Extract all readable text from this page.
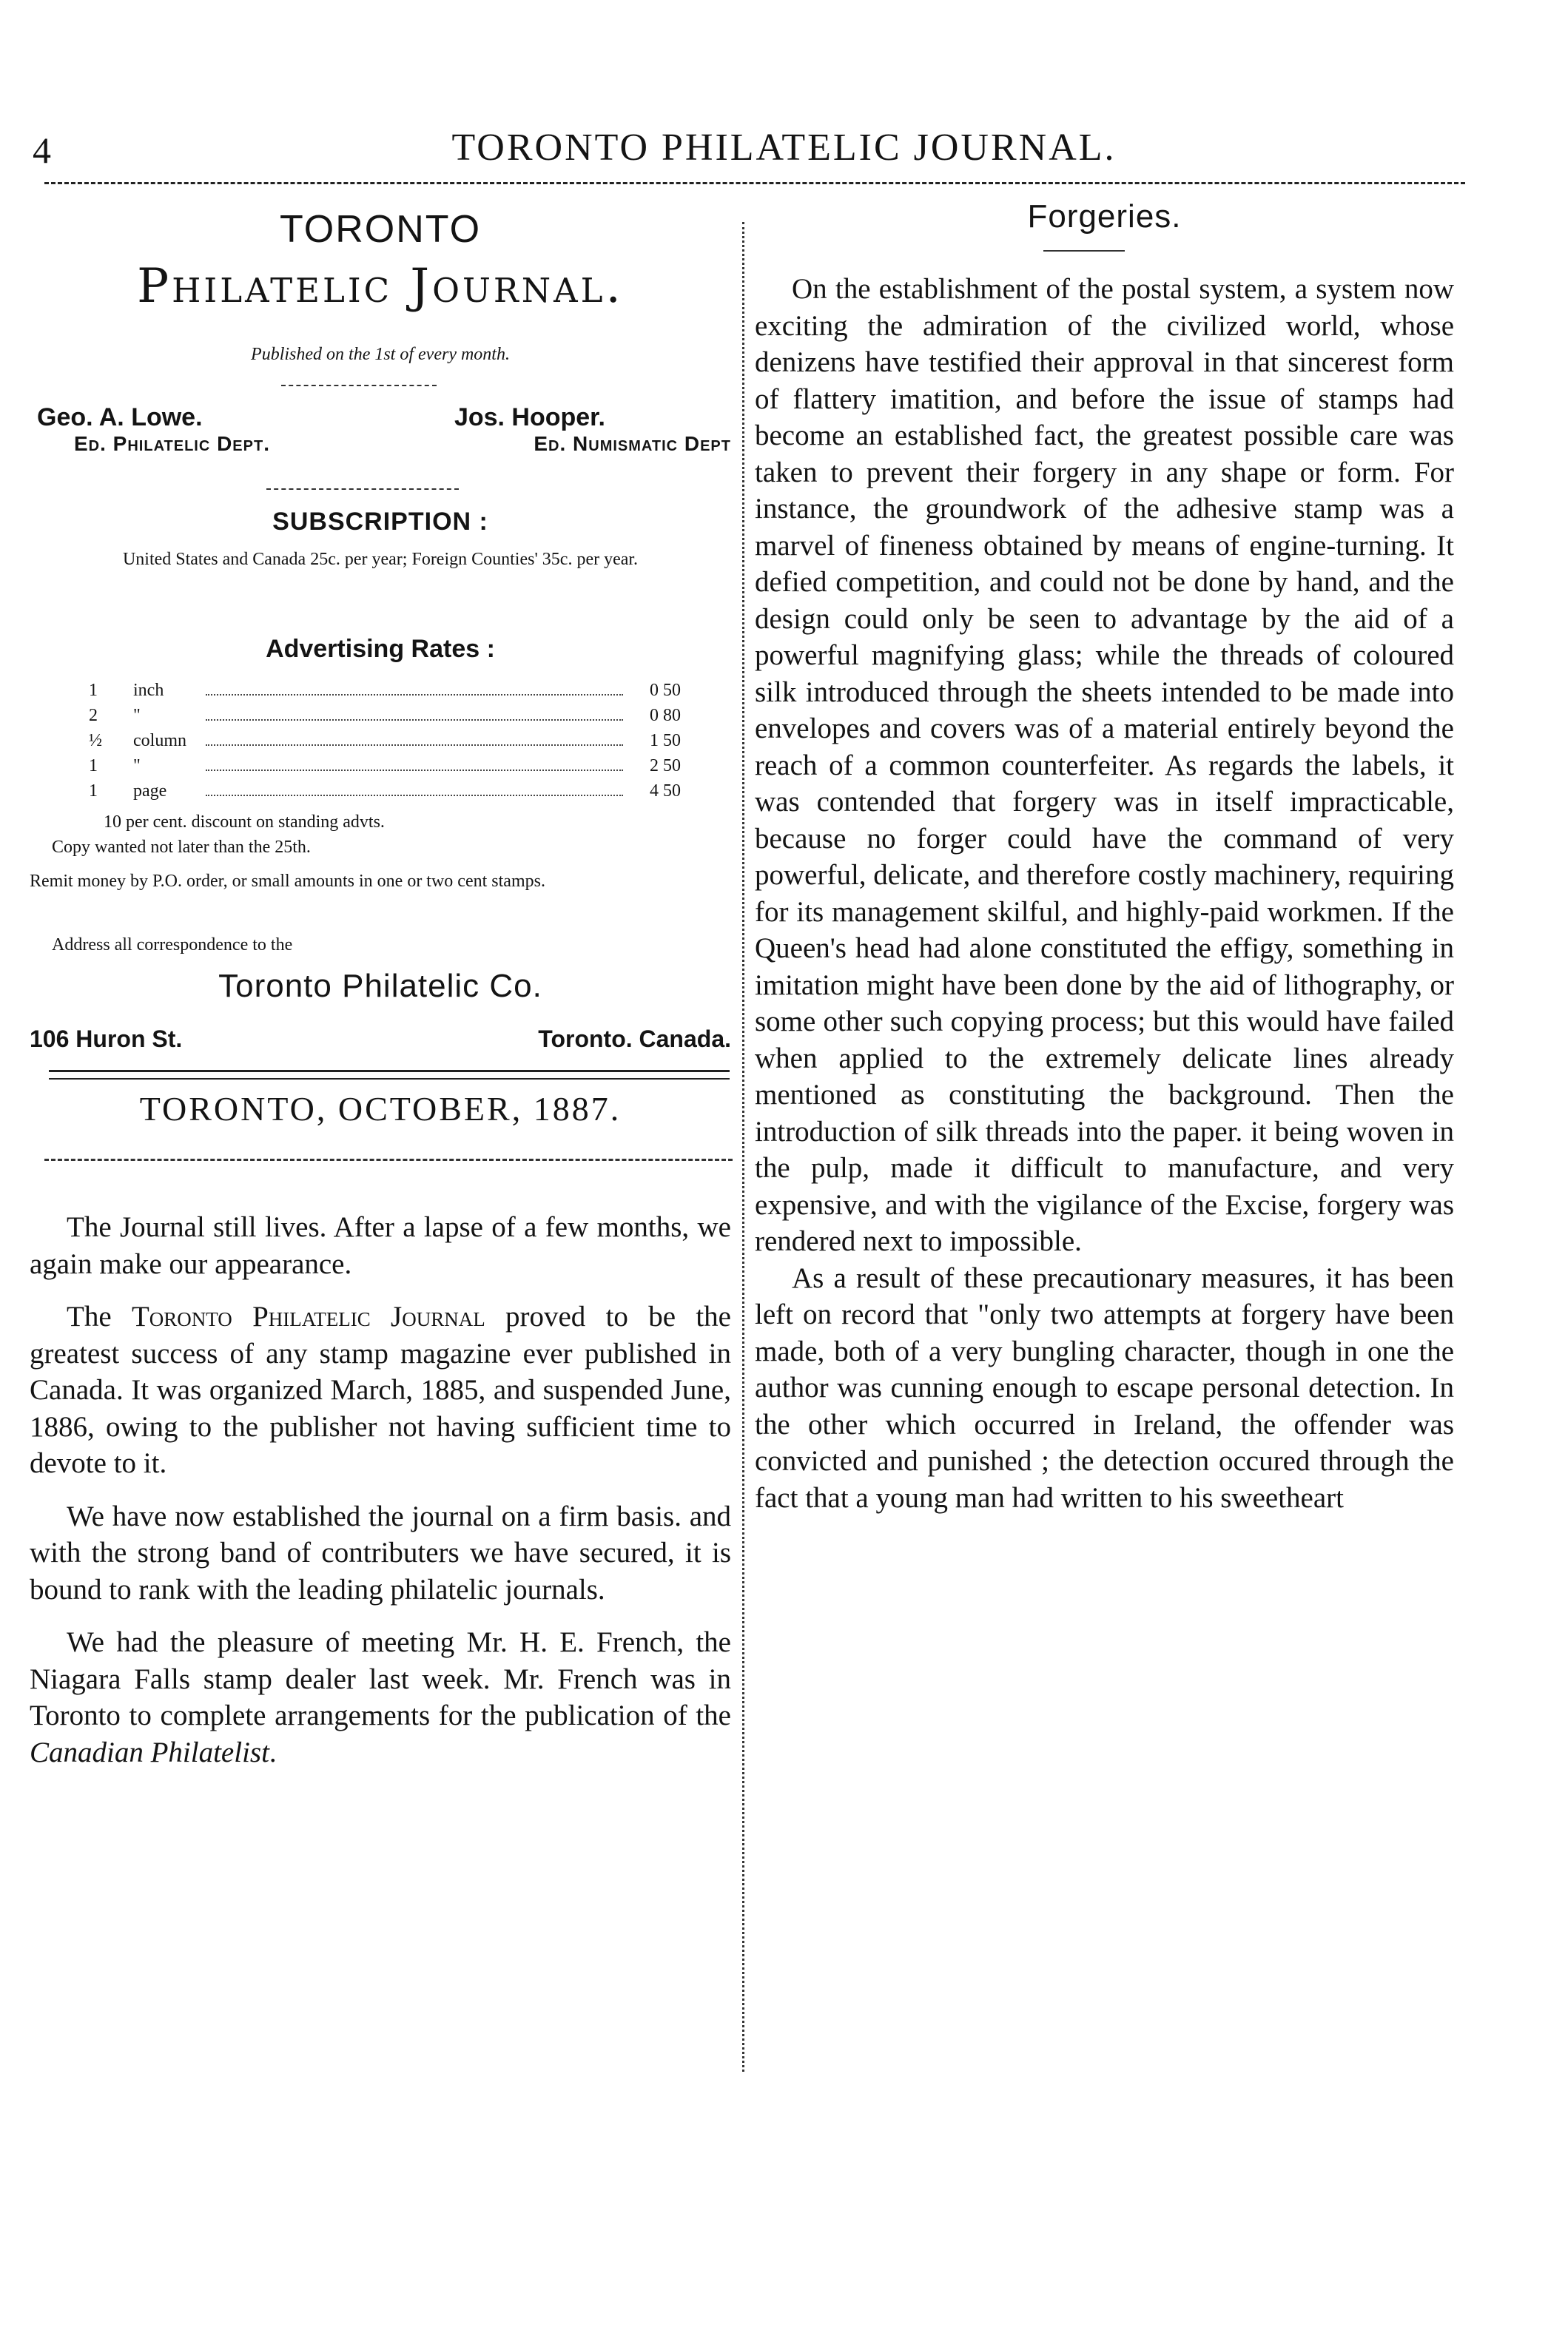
4	TORONTO PHILATELIC JOURNAL.
TORONTO
Philatelic Journal.
Published on the 1st of every month.
Geo. A. Lowe.	Jos. Hooper.
Ed. Philatelic Dept.	Ed. Numismatic Dept
SUBSCRIPTION :
United States and Canada 25c. per year; Foreign Counties' 35c. per year.
Advertising Rates :
1	inch	0 50
2	"	0 80
½	column	1 50
1	"	2 50
1	page	4 50
10 per cent. discount on standing advts.
Copy wanted not later than the 25th.
Remit money by P.O. order, or small amounts in one or two cent stamps.
Address all correspondence to the
Toronto Philatelic Co.
106 Huron St.	Toronto. Canada.
TORONTO, OCTOBER, 1887.

The Journal still lives. After a lapse of a few months, we again make our appearance.

The Toronto Philatelic Journal proved to be the greatest success of any stamp magazine ever published in Canada. It was organized March, 1885, and suspended June, 1886, owing to the publisher not having sufficient time to devote to it.

We have now established the journal on a firm basis. and with the strong band of contributers we have secured, it is bound to rank with the leading philatelic journals.

We had the pleasure of meeting Mr. H. E. French, the Niagara Falls stamp dealer last week. Mr. French was in Toronto to complete arrangements for the publication of the Canadian Philatelist.

Forgeries.

On the establishment of the postal system, a system now exciting the admiration of the civilized world, whose denizens have testified their approval in that sincerest form of flattery imatition, and before the issue of stamps had become an established fact, the greatest possible care was taken to prevent their forgery in any shape or form. For instance, the groundwork of the adhesive stamp was a marvel of fineness obtained by means of engine-turning. It defied competition, and could not be done by hand, and the design could only be seen to advantage by the aid of a powerful magnifying glass; while the threads of coloured silk introduced through the sheets intended to be made into envelopes and covers was of a material entirely beyond the reach of a common counterfeiter. As regards the labels, it was contended that forgery was in itself impracticable, because no forger could have the command of very powerful, delicate, and therefore costly machinery, requiring for its management skilful, and highly-paid workmen. If the Queen's head had alone constituted the effigy, something in imitation might have been done by the aid of lithography, or some other such copying process; but this would have failed when applied to the extremely delicate lines already mentioned as constituting the background. Then the introduction of silk threads into the paper. it being woven in the pulp, made it difficult to manufacture, and very expensive, and with the vigilance of the Excise, forgery was rendered next to impossible.

As a result of these precautionary measures, it has been left on record that "only two attempts at forgery have been made, both of a very bungling character, though in one the author was cunning enough to escape personal detection. In the other which occurred in Ireland, the offender was convicted and punished ; the detection occured through the fact that a young man had written to his sweetheart
